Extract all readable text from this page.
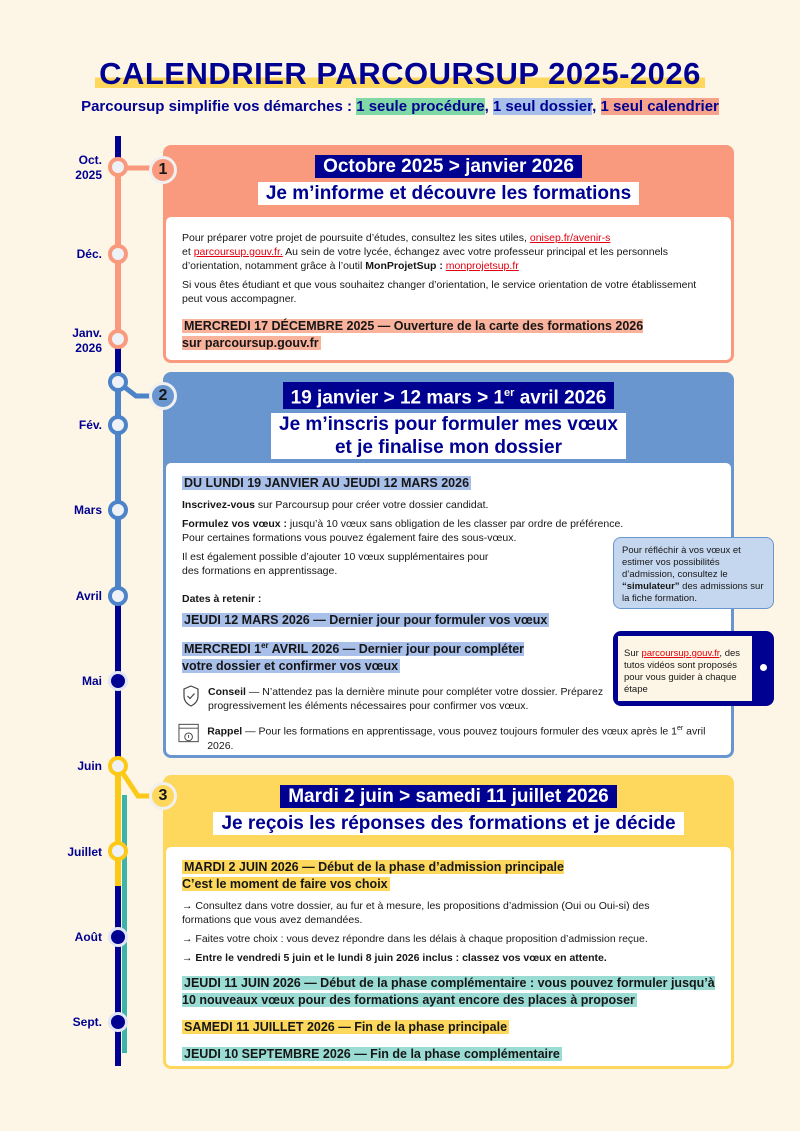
CALENDRIER PARCOURSUP 2025-2026
Parcoursup simplifie vos démarches : 1 seule procédure, 1 seul dossier, 1 seul calendrier
Oct.
2025
Déc.
Janv.
2026
Fév.
Mars
Avril
Mai
Juin
Juillet
Août
Sept.
Octobre 2025 > janvier 2026
Je m’informe et découvre les formations

Pour préparer votre projet de poursuite d’études, consultez les sites utiles, onisep.fr/avenir-s
et parcoursup.gouv.fr. Au sein de votre lycée, échangez avec votre professeur principal et les personnels d’orientation, notamment grâce à l’outil MonProjetSup : monprojetsup.fr

Si vous êtes étudiant et que vous souhaitez changer d’orientation, le service orientation de votre établissement peut vous accompagner.

MERCREDI 17 DÉCEMBRE 2025 — Ouverture de la carte des formations 2026 sur parcoursup.gouv.fr
1
19 janvier > 12 mars > 1er avril 2026
Je m’inscris pour formuler mes vœux
et je finalise mon dossier
DU LUNDI 19 JANVIER AU JEUDI 12 MARS 2026

Inscrivez-vous sur Parcoursup pour créer votre dossier candidat.

Formulez vos vœux : jusqu’à 10 vœux sans obligation de les classer par ordre de préférence. Pour certaines formations vous pouvez également faire des sous-vœux.

Il est également possible d’ajouter 10 vœux supplémentaires pour des formations en apprentissage.

Dates à retenir :

JEUDI 12 MARS 2026 — Dernier jour pour formuler vos vœux
MERCREDI 1er AVRIL 2026 — Dernier jour pour compléter votre dossier et confirmer vos vœux

Conseil — N’attendez pas la dernière minute pour compléter votre dossier. Préparez progressivement les éléments nécessaires pour confirmer vos vœux.

Rappel — Pour les formations en apprentissage, vous pouvez toujours formuler des vœux après le 1er avril 2026.

2
Pour réfléchir à vos vœux et estimer vos possibilités d’admission, consultez le “simulateur” des admissions sur la fiche formation.
Sur parcoursup.gouv.fr, des tutos vidéos sont proposés pour vous guider à chaque étape
Mardi 2 juin > samedi 11 juillet 2026
Je reçois les réponses des formations et je décide
MARDI 2 JUIN 2026 — Début de la phase d’admission principale
C’est le moment de faire vos choix

→ Consultez dans votre dossier, au fur et à mesure, les propositions d’admission (Oui ou Oui-si) des formations que vous avez demandées.

→ Faites votre choix : vous devez répondre dans les délais à chaque proposition d’admission reçue.

→ Entre le vendredi 5 juin et le lundi 8 juin 2026 inclus : classez vos vœux en attente.

JEUDI 11 JUIN 2026 — Début de la phase complémentaire : vous pouvez formuler jusqu’à 10 nouveaux vœux pour des formations ayant encore des places à proposer
SAMEDI 11 JUILLET 2026 — Fin de la phase principale
JEUDI 10 SEPTEMBRE 2026 — Fin de la phase complémentaire
3
